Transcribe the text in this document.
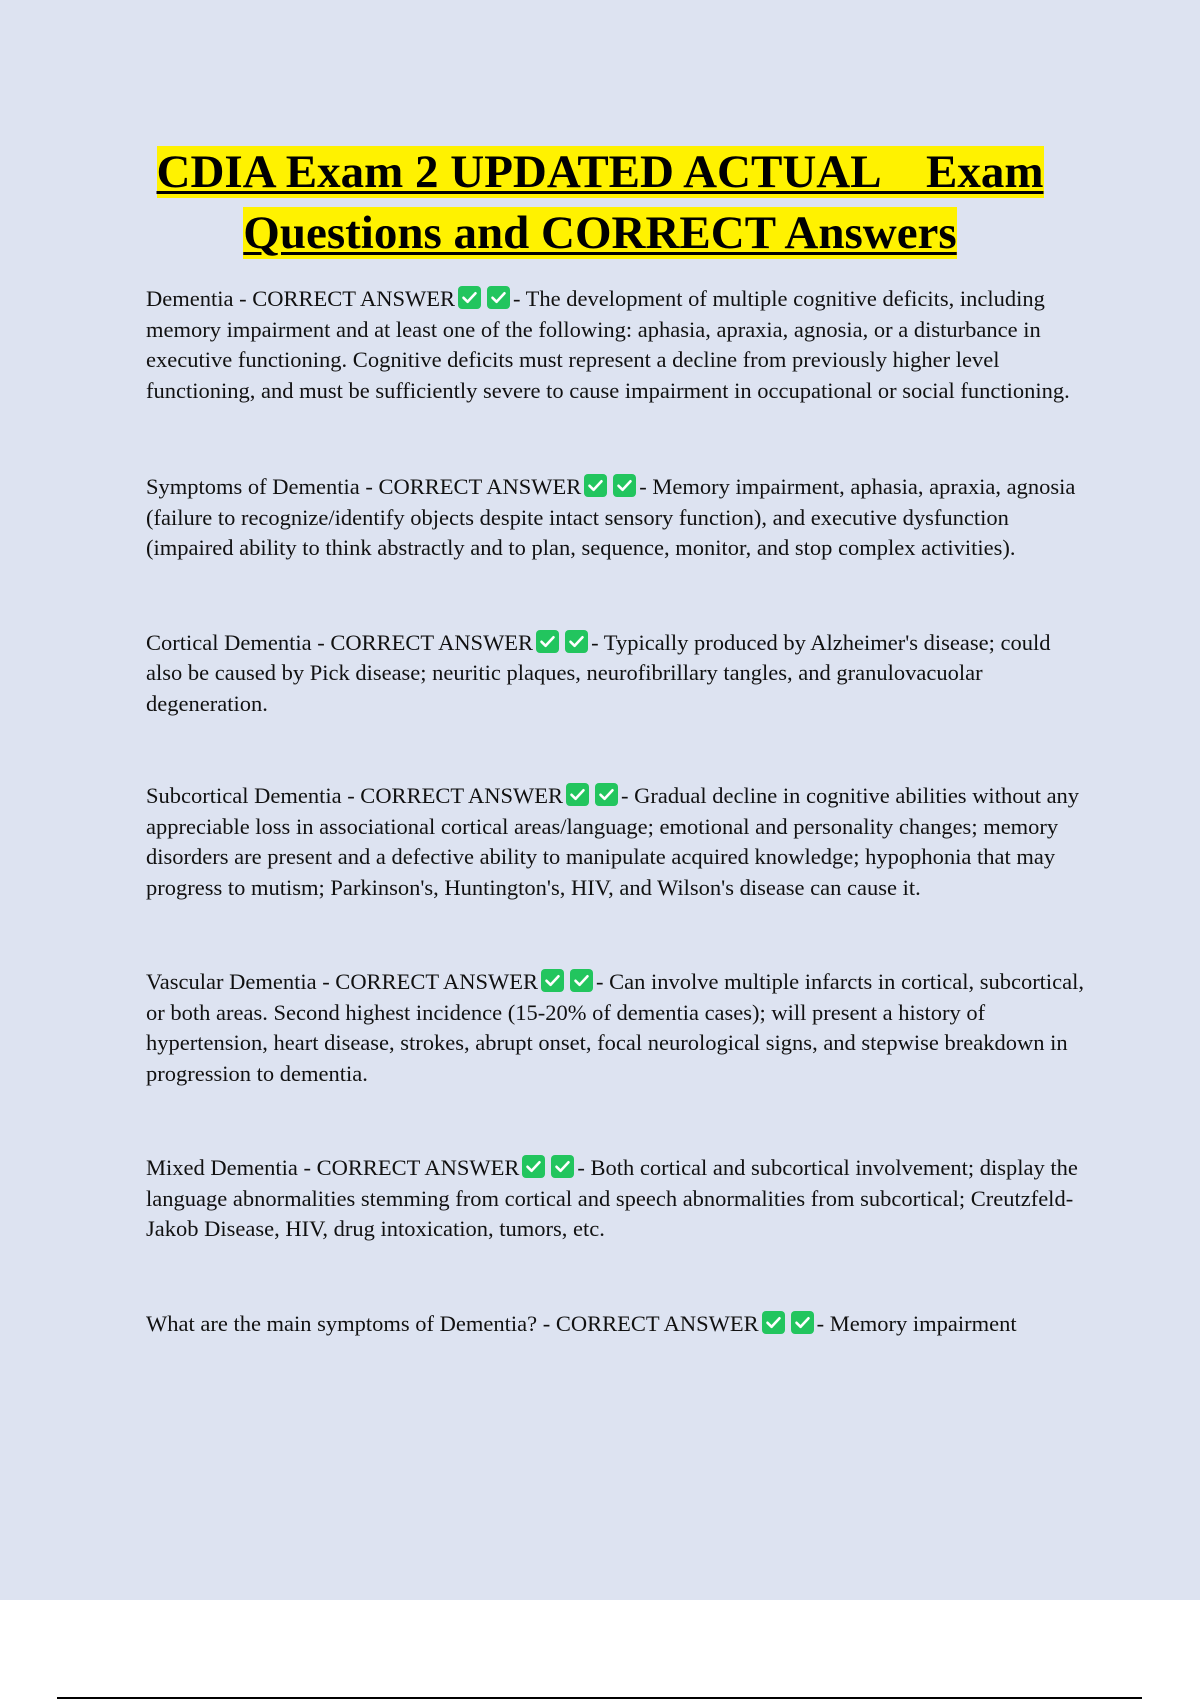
CDIA Exam 2 UPDATED ACTUAL    Exam
Questions and CORRECT Answers
Dementia - CORRECT ANSWER	- The development of multiple cognitive deficits, including memory impairment and at least one of the following: aphasia, apraxia, agnosia, or a disturbance in executive functioning. Cognitive deficits must represent a decline from previously higher level functioning, and must be sufficiently severe to cause impairment in occupational or social functioning.
Symptoms of Dementia - CORRECT ANSWER	- Memory impairment, aphasia, apraxia, agnosia (failure to recognize/identify objects despite intact sensory function), and executive dysfunction (impaired ability to think abstractly and to plan, sequence, monitor, and stop complex activities).
Cortical Dementia - CORRECT ANSWER	- Typically produced by Alzheimer's disease; could also be caused by Pick disease; neuritic plaques, neurofibrillary tangles, and granulovacuolar degeneration.
Subcortical Dementia - CORRECT ANSWER	- Gradual decline in cognitive abilities without any appreciable loss in associational cortical areas/language; emotional and personality changes; memory disorders are present and a defective ability to manipulate acquired knowledge; hypophonia that may progress to mutism; Parkinson's, Huntington's, HIV, and Wilson's disease can cause it.
Vascular Dementia - CORRECT ANSWER	- Can involve multiple infarcts in cortical, subcortical, or both areas. Second highest incidence (15-20% of dementia cases); will present a history of hypertension, heart disease, strokes, abrupt onset, focal neurological signs, and stepwise breakdown in progression to dementia.
Mixed Dementia - CORRECT ANSWER	- Both cortical and subcortical involvement; display the language abnormalities stemming from cortical and speech abnormalities from subcortical; Creutzfeld-Jakob Disease, HIV, drug intoxication, tumors, etc.
What are the main symptoms of Dementia? - CORRECT ANSWER	- Memory impairment
